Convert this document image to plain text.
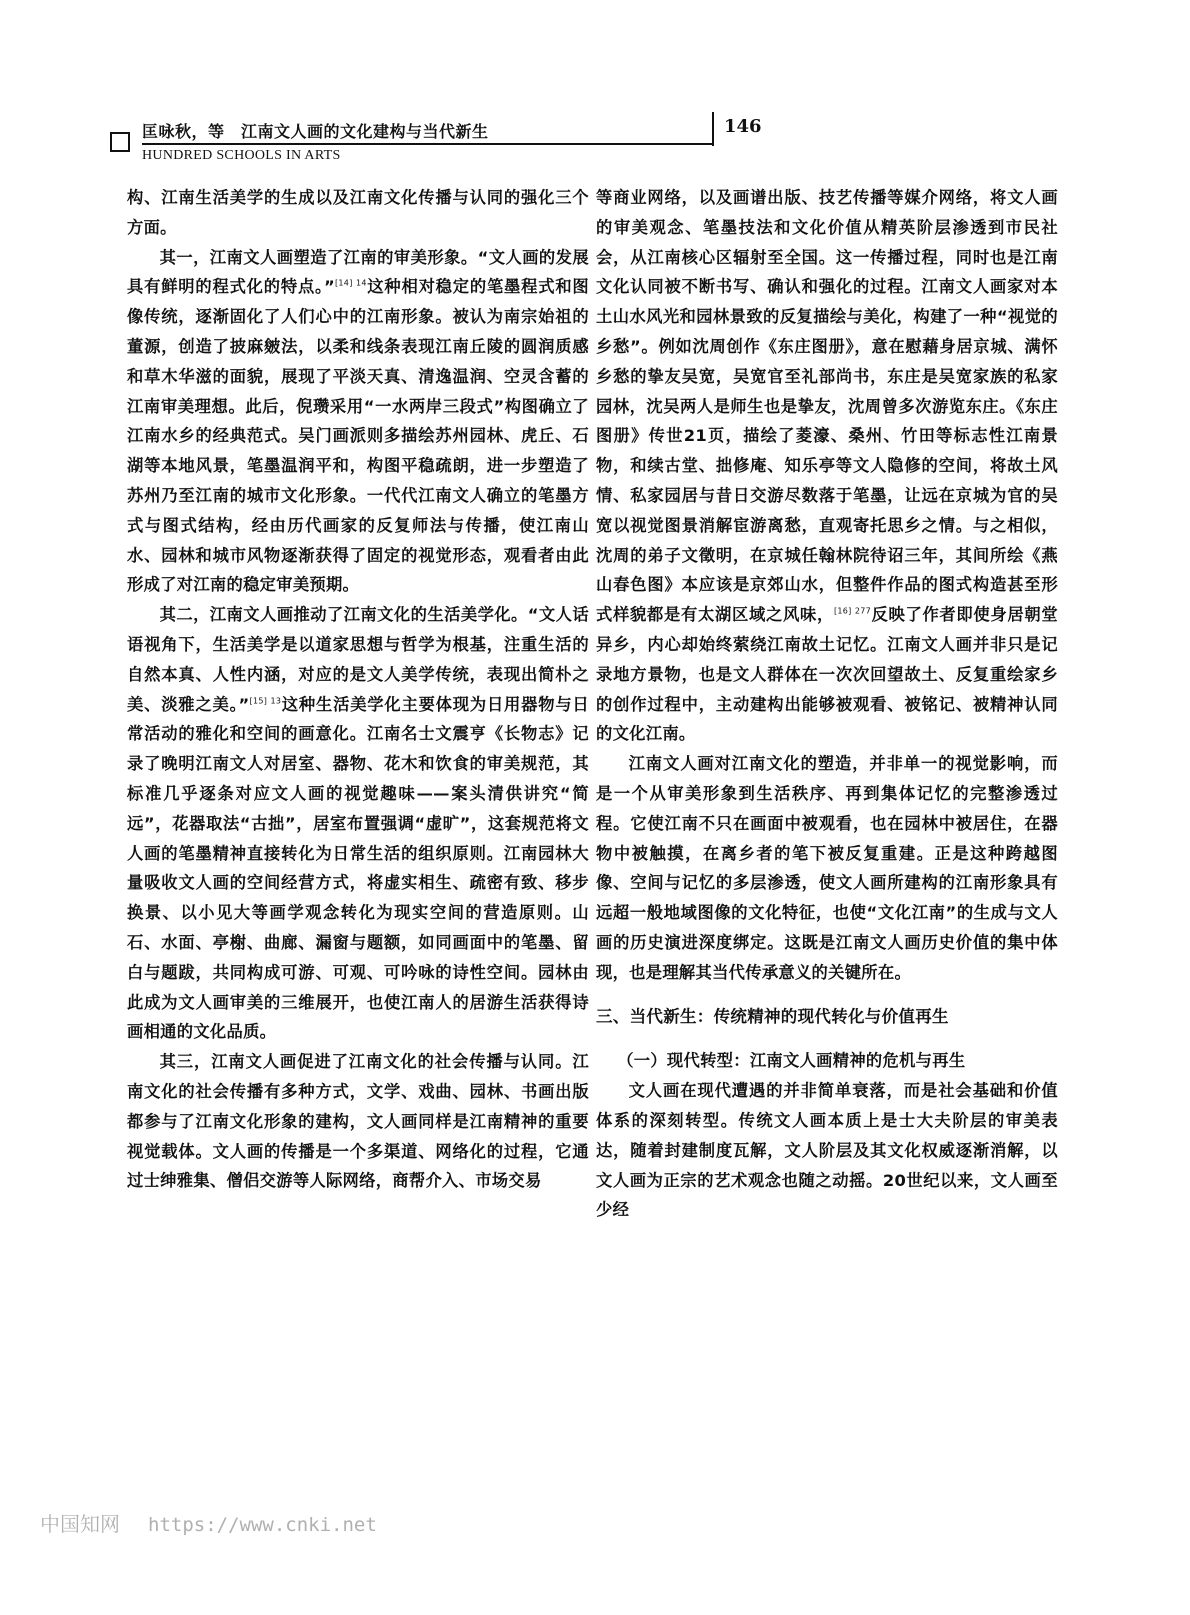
匡咏秋，等　江南文人画的文化建构与当代新生	146
HUNDRED SCHOOLS IN ARTS

构、江南生活美学的生成以及江南文化传播与认同的强化三个方面。

其一，江南文人画塑造了江南的审美形象。“文人画的发展具有鲜明的程式化的特点。”$^{[14] 14}$这种相对稳定的笔墨程式和图像传统，逐渐固化了人们心中的江南形象。被认为南宗始祖的董源，创造了披麻皴法，以柔和线条表现江南丘陵的圆润质感和草木华滋的面貌，展现了平淡天真、清逸温润、空灵含蓄的江南审美理想。此后，倪瓒采用“一水两岸三段式”构图确立了江南水乡的经典范式。吴门画派则多描绘苏州园林、虎丘、石湖等本地风景，笔墨温润平和，构图平稳疏朗，进一步塑造了苏州乃至江南的城市文化形象。一代代江南文人确立的笔墨方式与图式结构，经由历代画家的反复师法与传播，使江南山水、园林和城市风物逐渐获得了固定的视觉形态，观看者由此形成了对江南的稳定审美预期。

其二，江南文人画推动了江南文化的生活美学化。“文人话语视角下，生活美学是以道家思想与哲学为根基，注重生活的自然本真、人性内涵，对应的是文人美学传统，表现出简朴之美、淡雅之美。”$^{[15] 13}$这种生活美学化主要体现为日用器物与日常活动的雅化和空间的画意化。江南名士文震亨《长物志》记录了晚明江南文人对居室、器物、花木和饮食的审美规范，其标准几乎逐条对应文人画的视觉趣味——案头清供讲究“简远”，花器取法“古拙”，居室布置强调“虚旷”，这套规范将文人画的笔墨精神直接转化为日常生活的组织原则。江南园林大量吸收文人画的空间经营方式，将虚实相生、疏密有致、移步换景、以小见大等画学观念转化为现实空间的营造原则。山石、水面、亭榭、曲廊、漏窗与题额，如同画面中的笔墨、留白与题跋，共同构成可游、可观、可吟咏的诗性空间。园林由此成为文人画审美的三维展开，也使江南人的居游生活获得诗画相通的文化品质。

其三，江南文人画促进了江南文化的社会传播与认同。江南文化的社会传播有多种方式，文学、戏曲、园林、书画出版都参与了江南文化形象的建构，文人画同样是江南精神的重要视觉载体。文人画的传播是一个多渠道、网络化的过程，它通过士绅雅集、僧侣交游等人际网络，商帮介入、市场交易

等商业网络，以及画谱出版、技艺传播等媒介网络，将文人画的审美观念、笔墨技法和文化价值从精英阶层渗透到市民社会，从江南核心区辐射至全国。这一传播过程，同时也是江南文化认同被不断书写、确认和强化的过程。江南文人画家对本土山水风光和园林景致的反复描绘与美化，构建了一种“视觉的乡愁”。例如沈周创作《东庄图册》，意在慰藉身居京城、满怀乡愁的挚友吴宽，吴宽官至礼部尚书，东庄是吴宽家族的私家园林，沈吴两人是师生也是挚友，沈周曾多次游览东庄。《东庄图册》传世21页，描绘了菱濠、桑州、竹田等标志性江南景物，和续古堂、拙修庵、知乐亭等文人隐修的空间，将故土风情、私家园居与昔日交游尽数落于笔墨，让远在京城为官的吴宽以视觉图景消解宦游离愁，直观寄托思乡之情。与之相似，沈周的弟子文徵明，在京城任翰林院待诏三年，其间所绘《燕山春色图》本应该是京郊山水，但整件作品的图式构造甚至形式样貌都是有太湖区域之风味，$^{[16] 277}$反映了作者即使身居朝堂异乡，内心却始终萦绕江南故土记忆。江南文人画并非只是记录地方景物，也是文人群体在一次次回望故土、反复重绘家乡的创作过程中，主动建构出能够被观看、被铭记、被精神认同的文化江南。

江南文人画对江南文化的塑造，并非单一的视觉影响，而是一个从审美形象到生活秩序、再到集体记忆的完整渗透过程。它使江南不只在画面中被观看，也在园林中被居住，在器物中被触摸，在离乡者的笔下被反复重建。正是这种跨越图像、空间与记忆的多层渗透，使文人画所建构的江南形象具有远超一般地域图像的文化特征，也使“文化江南”的生成与文人画的历史演进深度绑定。这既是江南文人画历史价值的集中体现，也是理解其当代传承意义的关键所在。

三、当代新生：传统精神的现代转化与价值再生

（一）现代转型：江南文人画精神的危机与再生

文人画在现代遭遇的并非简单衰落，而是社会基础和价值体系的深刻转型。传统文人画本质上是士大夫阶层的审美表达，随着封建制度瓦解，文人阶层及其文化权威逐渐消解，以文人画为正宗的艺术观念也随之动摇。20世纪以来，文人画至少经

中国知网 https://www.cnki.net
